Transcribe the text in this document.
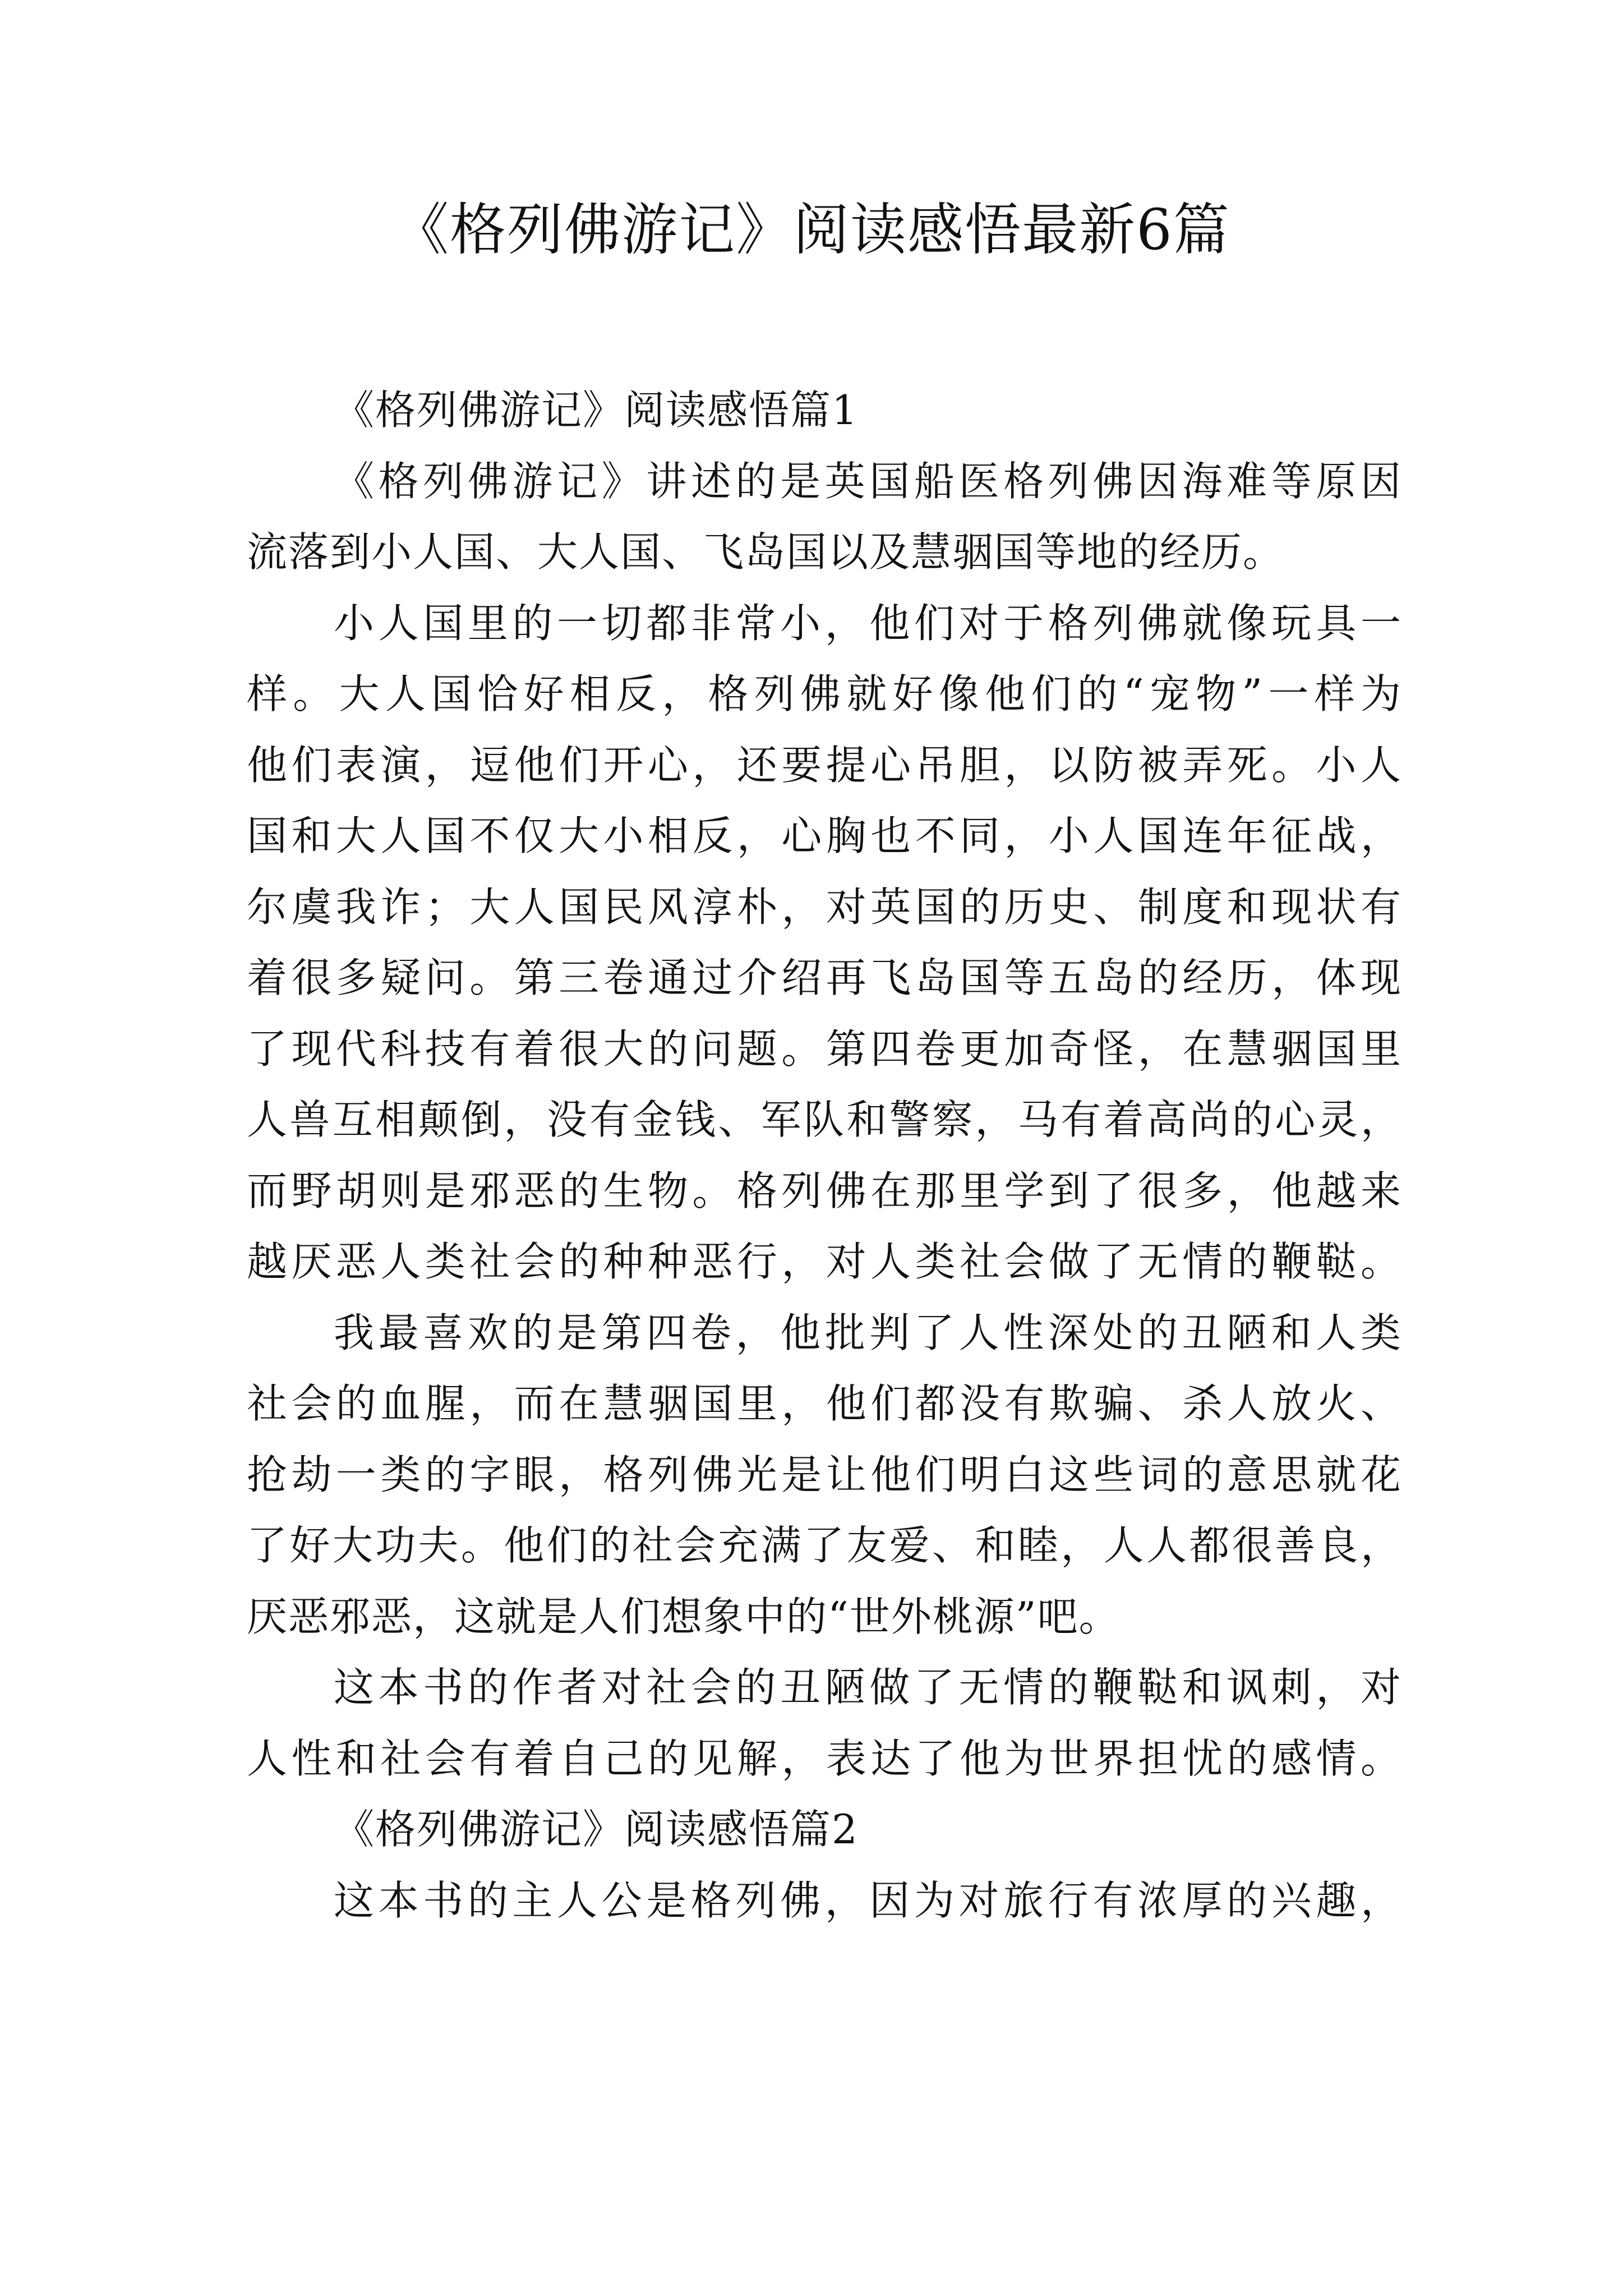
《格列佛游记》阅读感悟最新6篇
《格列佛游记》阅读感悟篇1
《格列佛游记》讲述的是英国船医格列佛因海难等原因
流落到小人国、大人国、飞岛国以及慧骃国等地的经历。
小人国里的一切都非常小，他们对于格列佛就像玩具一
样。大人国恰好相反，格列佛就好像他们的“宠物”一样为
他们表演，逗他们开心，还要提心吊胆，以防被弄死。小人
国和大人国不仅大小相反，心胸也不同，小人国连年征战，
尔虞我诈；大人国民风淳朴，对英国的历史、制度和现状有
着很多疑问。第三卷通过介绍再飞岛国等五岛的经历，体现
了现代科技有着很大的问题。第四卷更加奇怪，在慧骃国里
人兽互相颠倒，没有金钱、军队和警察，马有着高尚的心灵，
而野胡则是邪恶的生物。格列佛在那里学到了很多，他越来
越厌恶人类社会的种种恶行，对人类社会做了无情的鞭鞑。
我最喜欢的是第四卷，他批判了人性深处的丑陋和人类
社会的血腥，而在慧骃国里，他们都没有欺骗、杀人放火、
抢劫一类的字眼，格列佛光是让他们明白这些词的意思就花
了好大功夫。他们的社会充满了友爱、和睦，人人都很善良，
厌恶邪恶，这就是人们想象中的“世外桃源”吧。
这本书的作者对社会的丑陋做了无情的鞭鞑和讽刺，对
人性和社会有着自己的见解，表达了他为世界担忧的感情。
《格列佛游记》阅读感悟篇2
这本书的主人公是格列佛，因为对旅行有浓厚的兴趣，
